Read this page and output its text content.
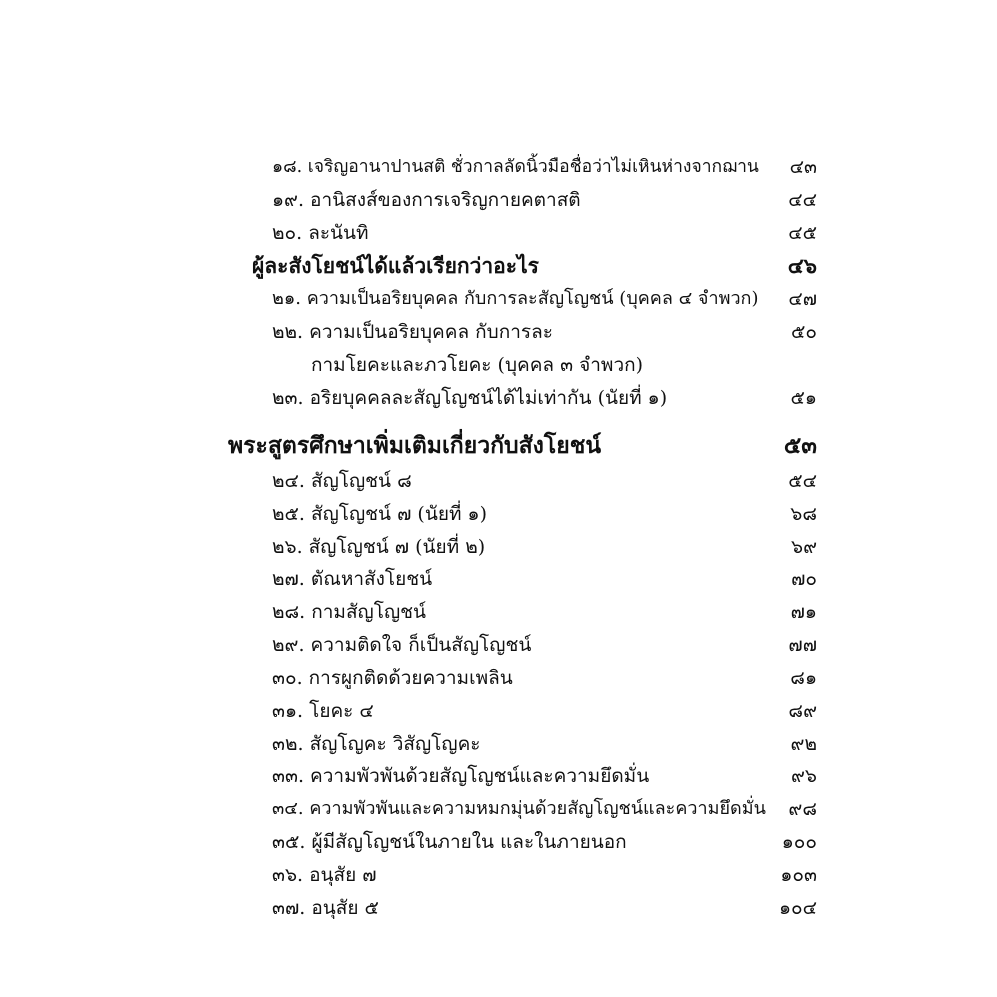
๑๘. เจริญอานาปานสติ ชั่วกาลลัดนิ้วมือชื่อว่าไม่เหินห่างจากฌาน ๔๓
๑๙. อานิสงส์ของการเจริญกายคตาสติ	๔๔
๒๐. ละนันทิ	๔๕
ผู้ละสังโยชน์ได้แล้วเรียกว่าอะไร	๔๖
๒๑. ความเป็นอริยบุคคล กับการละสัญโญชน์ (บุคคล ๔ จำพวก) ๔๗
๒๒. ความเป็นอริยบุคคล กับการละ	๕๐
กามโยคะและภวโยคะ (บุคคล ๓ จำพวก)
๒๓. อริยบุคคลละสัญโญชน์ได้ไม่เท่ากัน (นัยที่ ๑)	๕๑
พระสูตรศึกษาเพิ่มเติมเกี่ยวกับสังโยชน์	๕๓
๒๔. สัญโญชน์ ๘	๕๔
๒๕. สัญโญชน์ ๗ (นัยที่ ๑)	๖๘
๒๖. สัญโญชน์ ๗ (นัยที่ ๒)	๖๙
๒๗. ตัณหาสังโยชน์	๗๐
๒๘. กามสัญโญชน์	๗๑
๒๙. ความติดใจ ก็เป็นสัญโญชน์	๗๗
๓๐. การผูกติดด้วยความเพลิน	๘๑
๓๑. โยคะ ๔	๘๙
๓๒. สัญโญคะ วิสัญโญคะ	๙๒
๓๓. ความพัวพันด้วยสัญโญชน์และความยึดมั่น	๙๖
๓๔. ความพัวพันและความหมกมุ่นด้วยสัญโญชน์และความยึดมั่น ๙๘
๓๕. ผู้มีสัญโญชน์ในภายใน และในภายนอก	๑๐๐
๓๖. อนุสัย ๗	๑๐๓
๓๗. อนุสัย ๕	๑๐๔
